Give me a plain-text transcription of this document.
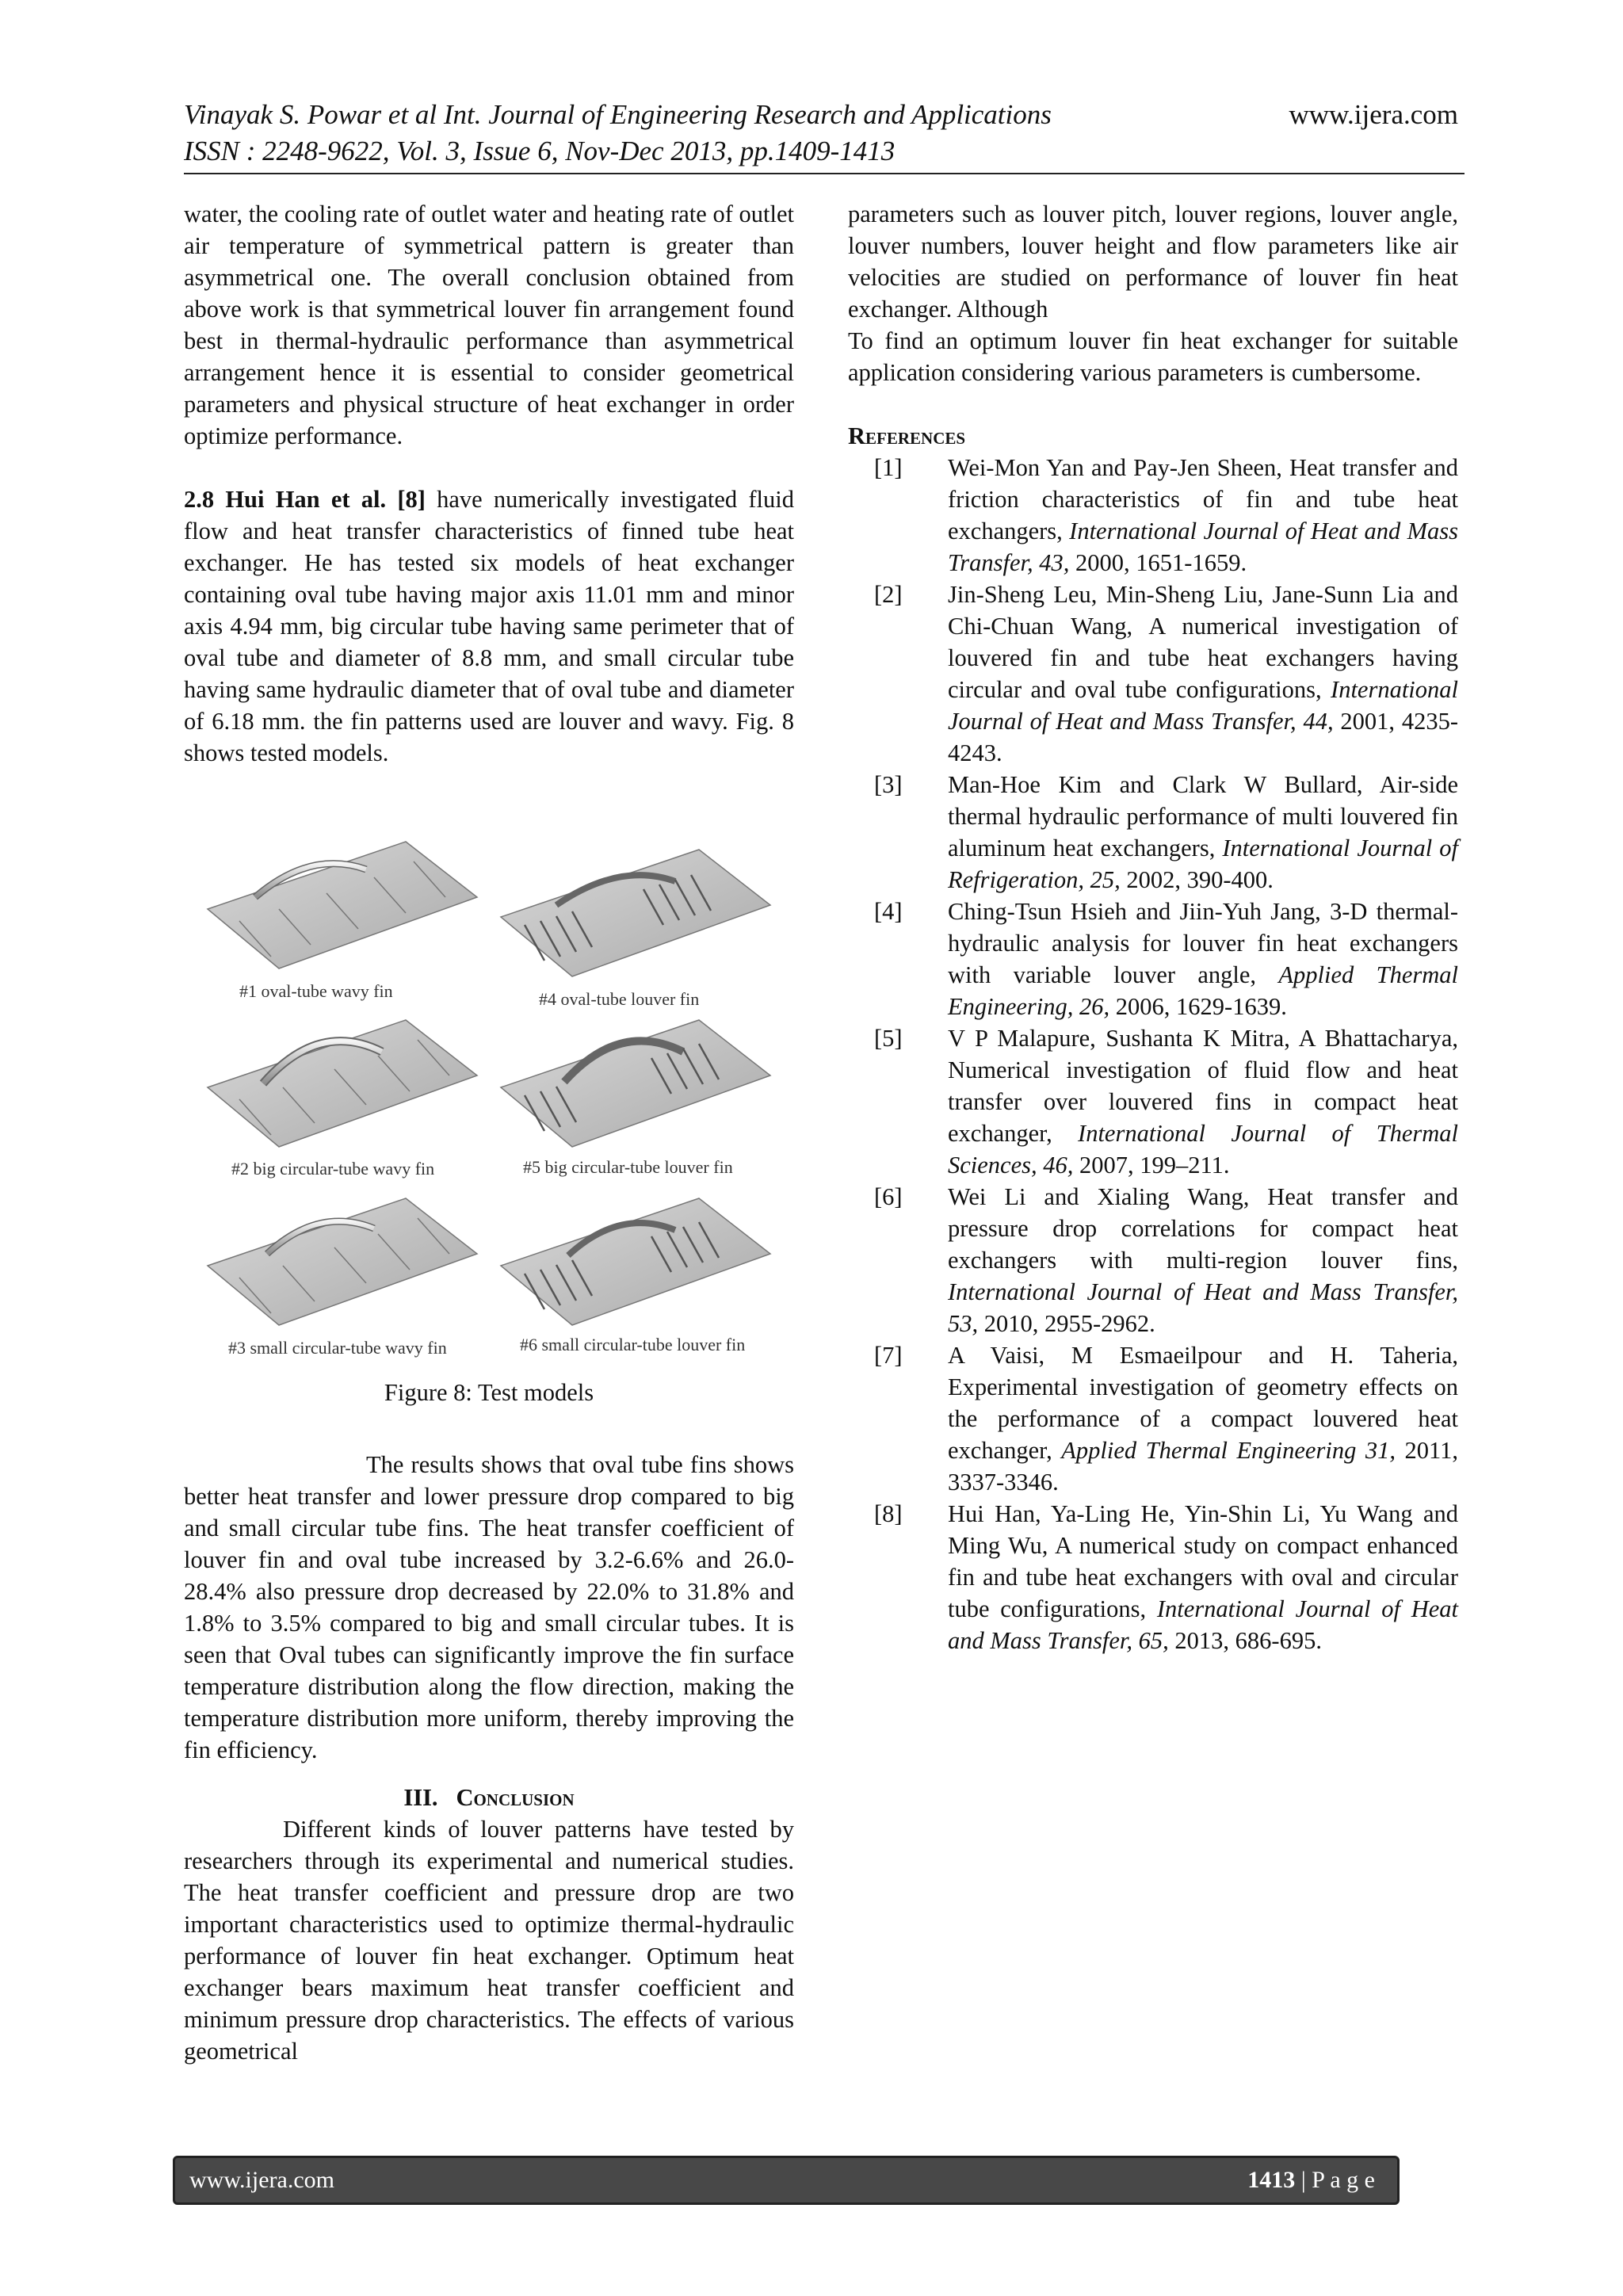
Vinayak S. Powar et al Int. Journal of Engineering Research and Applications
ISSN : 2248-9622, Vol. 3, Issue 6, Nov-Dec 2013, pp.1409-1413
www.ijera.com

water, the cooling rate of outlet water and heating rate of outlet air temperature of symmetrical pattern is greater than asymmetrical one. The overall conclusion obtained from above work is that symmetrical louver fin arrangement found best in thermal-hydraulic performance than asymmetrical arrangement hence it is essential to consider geometrical parameters and physical structure of heat exchanger in order optimize performance.

2.8 Hui Han et al. [8] have numerically investigated fluid flow and heat transfer characteristics of finned tube heat exchanger. He has tested six models of heat exchanger containing oval tube having major axis 11.01 mm and minor axis 4.94 mm, big circular tube having same perimeter that of oval tube and diameter of 8.8 mm, and small circular tube having same hydraulic diameter that of oval tube and diameter of 6.18 mm. the fin patterns used are louver and wavy. Fig. 8 shows tested models.

#1 oval-tube wavy fin	#4 oval-tube louver fin
#2 big circular-tube wavy fin	#5 big circular-tube louver fin
#3 small circular-tube wavy fin	#6 small circular-tube louver fin
Figure 8: Test models

The results shows that oval tube fins shows better heat transfer and lower pressure drop compared to big and small circular tube fins. The heat transfer coefficient of louver fin and oval tube increased by 3.2-6.6% and 26.0-28.4% also pressure drop decreased by 22.0% to 31.8% and 1.8% to 3.5% compared to big and small circular tubes. It is seen that Oval tubes can significantly improve the fin surface temperature distribution along the flow direction, making the temperature distribution more uniform, thereby improving the fin efficiency.

III. Conclusion

Different kinds of louver patterns have tested by researchers through its experimental and numerical studies. The heat transfer coefficient and pressure drop are two important characteristics used to optimize thermal-hydraulic performance of louver fin heat exchanger. Optimum heat exchanger bears maximum heat transfer coefficient and minimum pressure drop characteristics. The effects of various geometrical

parameters such as louver pitch, louver regions, louver angle, louver numbers, louver height and flow parameters like air velocities are studied on performance of louver fin heat exchanger. Although

To find an optimum louver fin heat exchanger for suitable application considering various parameters is cumbersome.

References

[1]	Wei-Mon Yan and Pay-Jen Sheen, Heat transfer and friction characteristics of fin and tube heat exchangers, International Journal of Heat and Mass Transfer, 43, 2000, 1651-1659.
[2]	Jin-Sheng Leu, Min-Sheng Liu, Jane-Sunn Lia and Chi-Chuan Wang, A numerical investigation of louvered fin and tube heat exchangers having circular and oval tube configurations, International Journal of Heat and Mass Transfer, 44, 2001, 4235-4243.
[3]	Man-Hoe Kim and Clark W Bullard, Air-side thermal hydraulic performance of multi louvered fin aluminum heat exchangers, International Journal of Refrigeration, 25, 2002, 390-400.
[4]	Ching-Tsun Hsieh and Jiin-Yuh Jang, 3-D thermal- hydraulic analysis for louver fin heat exchangers with variable louver angle, Applied Thermal Engineering, 26, 2006, 1629-1639.
[5]	V P Malapure, Sushanta K Mitra, A Bhattacharya, Numerical investigation of fluid flow and heat transfer over louvered fins in compact heat exchanger, International Journal of Thermal Sciences, 46, 2007, 199–211.
[6]	Wei Li and Xialing Wang, Heat transfer and pressure drop correlations for compact heat exchangers with multi-region louver fins, International Journal of Heat and Mass Transfer, 53, 2010, 2955-2962.
[7]	A Vaisi, M Esmaeilpour and H. Taheria, Experimental investigation of geometry effects on the performance of a compact louvered heat exchanger, Applied Thermal Engineering 31, 2011, 3337-3346.
[8]	Hui Han, Ya-Ling He, Yin-Shin Li, Yu Wang and Ming Wu, A numerical study on compact enhanced fin and tube heat exchangers with oval and circular tube configurations, International Journal of Heat and Mass Transfer, 65, 2013, 686-695.
www.ijera.com	1413 | P a g e
